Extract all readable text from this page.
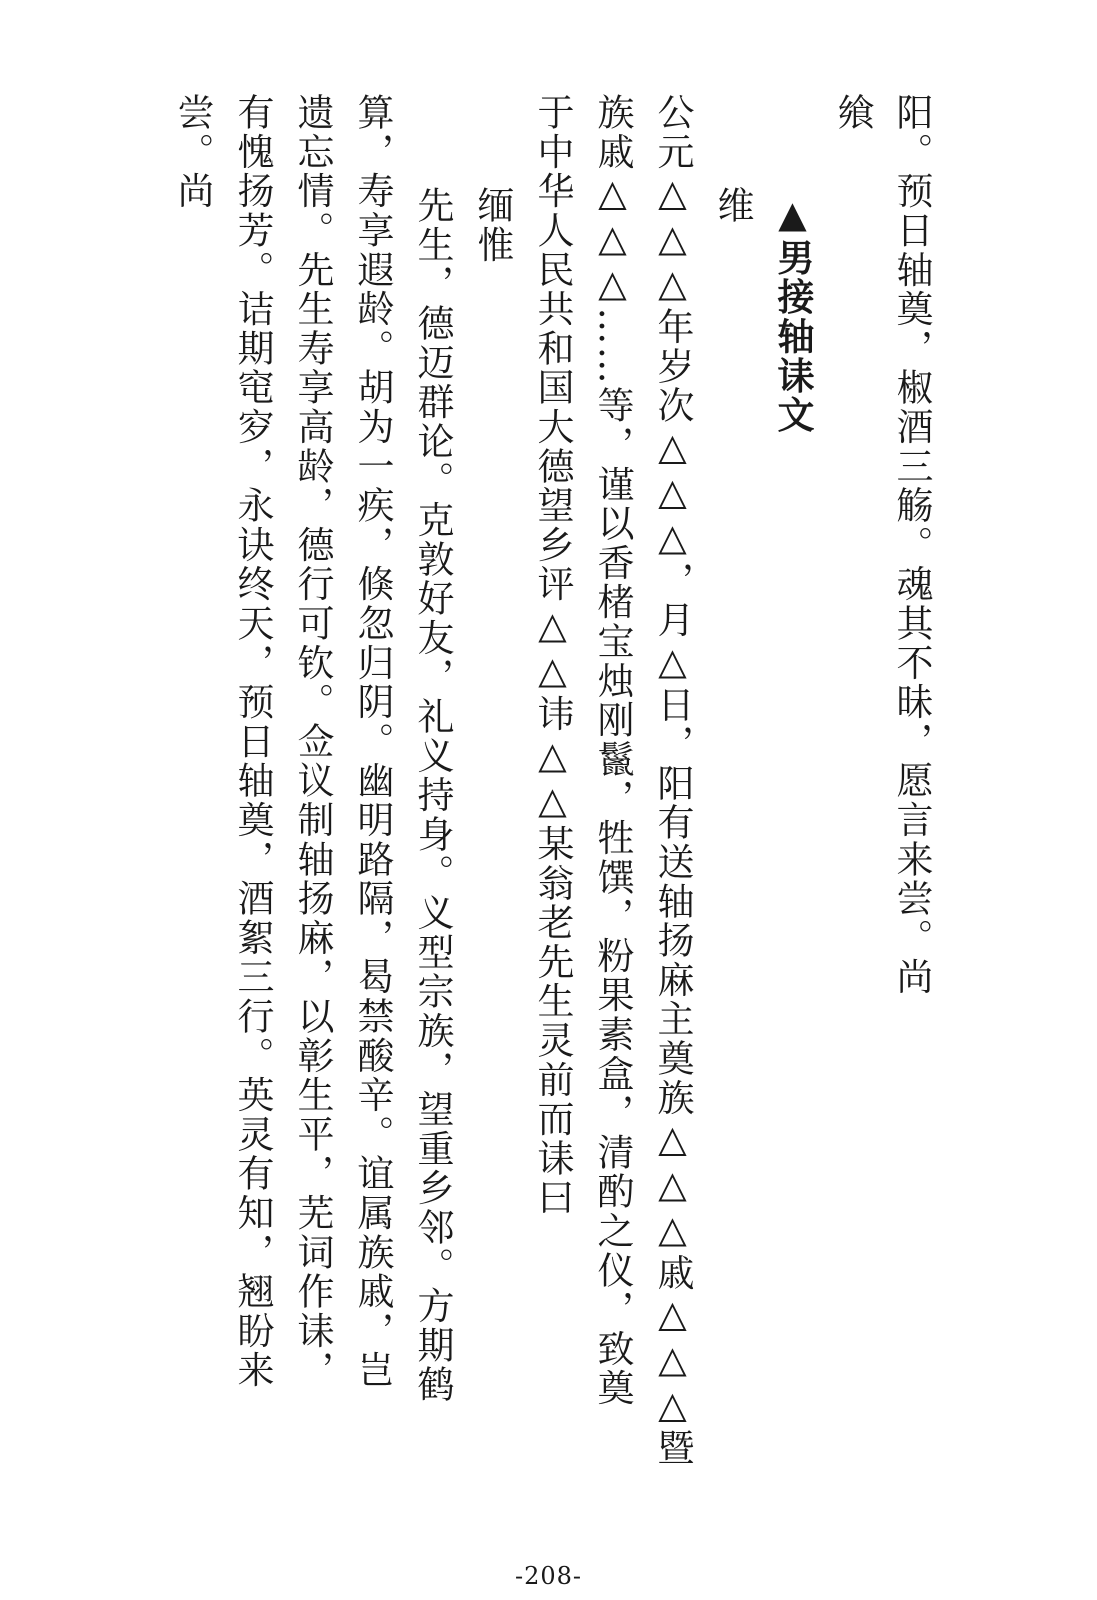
阳。预日轴奠，椒酒三觞。魂其不昧，愿言来尝。尚
飨
▲男接轴诔文
维
公元△△△年岁次△△△，月△日，阳有送轴扬麻主奠族△△△戚△△△暨
族戚△△△……等，谨以香楮宝烛刚鬣，牲馔，粉果素盒，清酌之仪，致奠
于中华人民共和国大德望乡评△△讳△△某翁老先生灵前而诔曰
缅惟
先生，德迈群论。克敦好友，礼义持身。义型宗族，望重乡邻。方期鹤
算，寿享遐龄。胡为一疾，倏忽归阴。幽明路隔，曷禁酸辛。谊属族戚，岂
遗忘情。先生寿享高龄，德行可钦。佥议制轴扬麻，以彰生平，芜词作诔，
有愧扬芳。诘期窀穸，永诀终天，预日轴奠，酒絮三行。英灵有知，翘盼来
尝。尚
-208-
